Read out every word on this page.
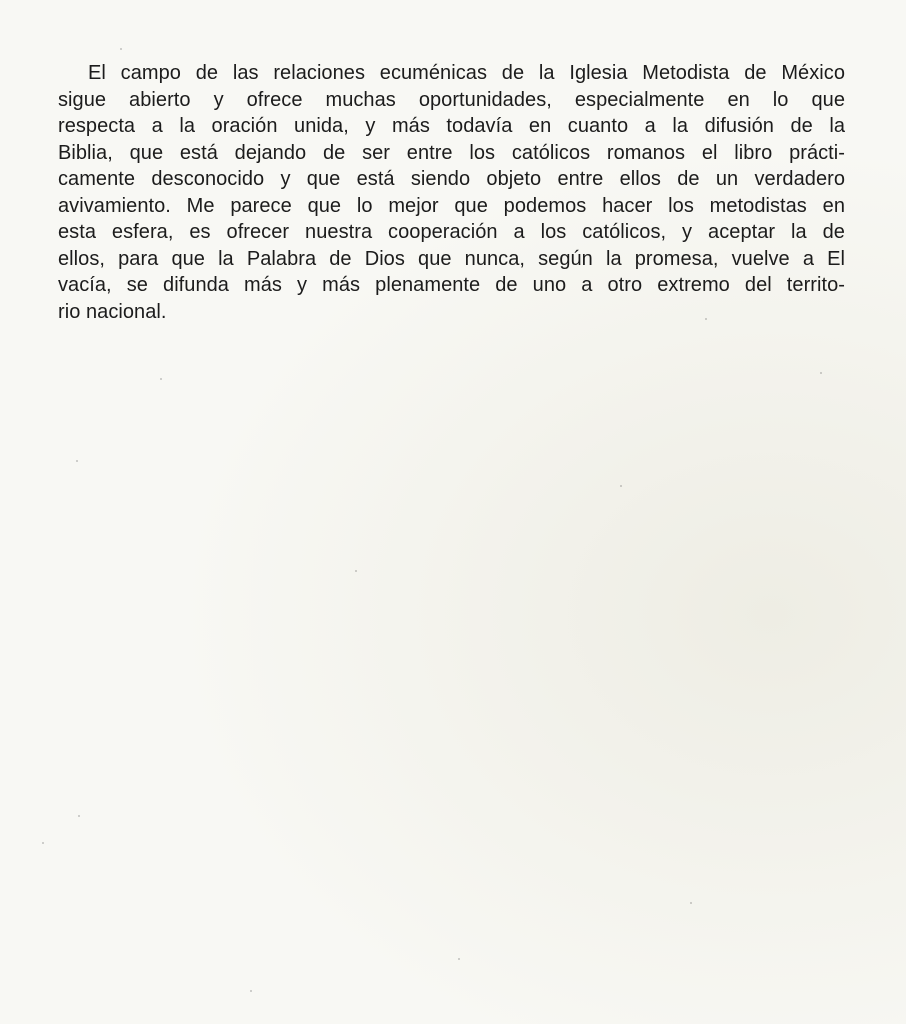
El campo de las relaciones ecuménicas de la Iglesia Metodista de México
sigue abierto y ofrece muchas oportunidades, especialmente en lo que
respecta a la oración unida, y más todavía en cuanto a la difusión de la
Biblia, que está dejando de ser entre los católicos romanos el libro prácti-
camente desconocido y que está siendo objeto entre ellos de un verdadero
avivamiento. Me parece que lo mejor que podemos hacer los metodistas en
esta esfera, es ofrecer nuestra cooperación a los católicos, y aceptar la de
ellos, para que la Palabra de Dios que nunca, según la promesa, vuelve a El
vacía, se difunda más y más plenamente de uno a otro extremo del territo-
rio nacional.
